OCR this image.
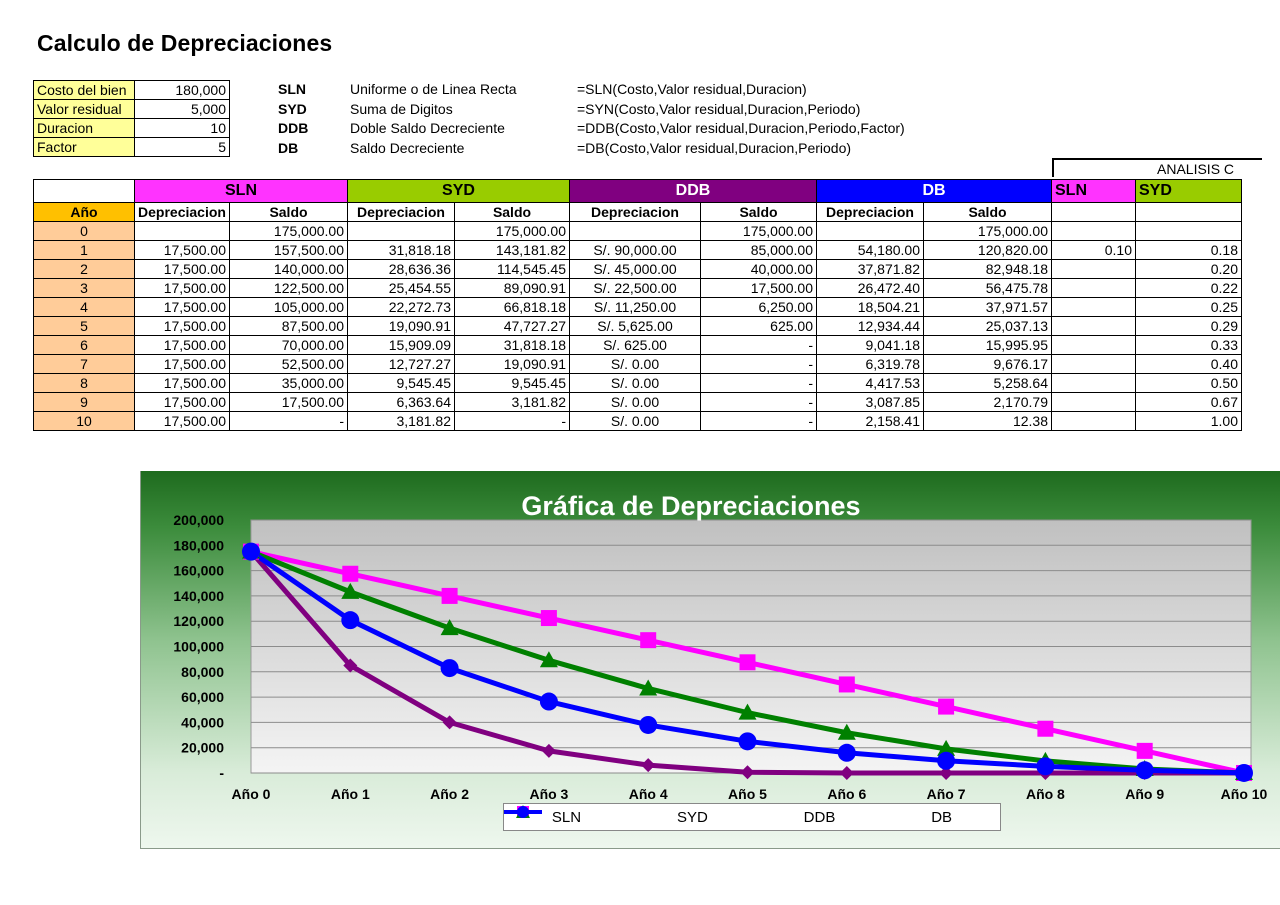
Calculo de Depreciaciones
Costo del bien	180,000
Valor residual	5,000
Duracion	10
Factor	5
SLN	Uniforme o de Linea Recta	=SLN(Costo,Valor residual,Duracion)
SYD	Suma de Digitos	=SYN(Costo,Valor residual,Duracion,Periodo)
DDB	Doble Saldo Decreciente	=DDB(Costo,Valor residual,Duracion,Periodo,Factor)
DB	Saldo Decreciente	=DB(Costo,Valor residual,Duracion,Periodo)
ANALISIS C
	SLN		SYD		DDB		DB		SLN	SYD
Año	Depreciacion	Saldo	Depreciacion	Saldo	Depreciacion	Saldo	Depreciacion	Saldo		
0		175,000.00		175,000.00		175,000.00		175,000.00		
1	17,500.00	157,500.00	31,818.18	143,181.82	S/. 90,000.00	85,000.00	54,180.00	120,820.00	0.10	0.18
2	17,500.00	140,000.00	28,636.36	114,545.45	S/. 45,000.00	40,000.00	37,871.82	82,948.18		0.20
3	17,500.00	122,500.00	25,454.55	89,090.91	S/. 22,500.00	17,500.00	26,472.40	56,475.78		0.22
4	17,500.00	105,000.00	22,272.73	66,818.18	S/. 11,250.00	6,250.00	18,504.21	37,971.57		0.25
5	17,500.00	87,500.00	19,090.91	47,727.27	S/. 5,625.00	625.00	12,934.44	25,037.13		0.29
6	17,500.00	70,000.00	15,909.09	31,818.18	S/. 625.00	-	9,041.18	15,995.95		0.33
7	17,500.00	52,500.00	12,727.27	19,090.91	S/. 0.00	-	6,319.78	9,676.17		0.40
8	17,500.00	35,000.00	9,545.45	9,545.45	S/. 0.00	-	4,417.53	5,258.64		0.50
9	17,500.00	17,500.00	6,363.64	3,181.82	S/. 0.00	-	3,087.85	2,170.79		0.67
10	17,500.00	-	3,181.82	-	S/. 0.00	-	2,158.41	12.38		1.00
-
20,000
40,000
60,000
80,000
100,000
120,000
140,000
160,000
180,000
200,000
Año 0	Año 1	Año 2	Año 3	Año 4	Año 5	Año 6	Año 7	Año 8	Año 9	Año 10
Gráfica de Depreciaciones
SLN	SYD	DDB	DB
